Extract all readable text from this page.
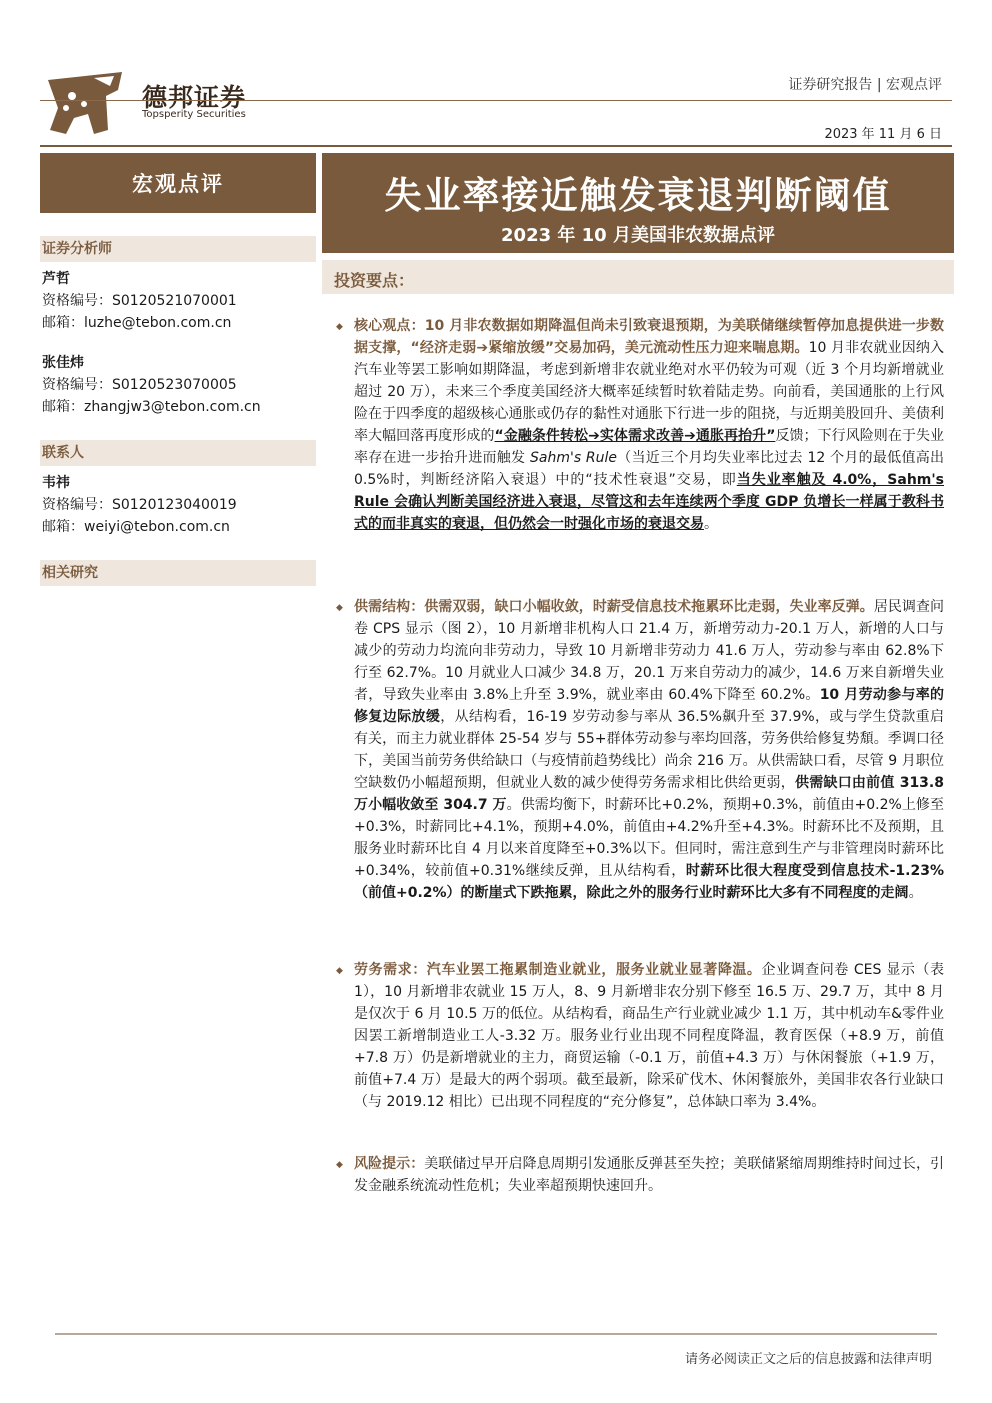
德邦证券
Topsperity Securities
证券研究报告 | 宏观点评
2023 年 11 月 6 日
宏观点评	失业率接近触发衰退判断阈值
2023 年 10 月美国非农数据点评
证券分析师
芦哲
资格编号：S0120521070001
邮箱：luzhe@tebon.com.cn
张佳炜
资格编号：S0120523070005
邮箱：zhangjw3@tebon.com.cn
联系人
韦祎
资格编号：S0120123040019
邮箱：weiyi@tebon.com.cn
相关研究
投资要点：
◆ 核心观点：10 月非农数据如期降温但尚未引致衰退预期，为美联储继续暂停加息提供进一步数据支撑，“经济走弱➔紧缩放缓”交易加码，美元流动性压力迎来喘息期。10 月非农就业因纳入汽车业等罢工影响如期降温，考虑到新增非农就业绝对水平仍较为可观（近 3 个月均新增就业超过 20 万），未来三个季度美国经济大概率延续暂时软着陆走势。向前看，美国通胀的上行风险在于四季度的超级核心通胀或仍存的黏性对通胀下行进一步的阻挠，与近期美股回升、美债利率大幅回落再度形成的“金融条件转松➔实体需求改善➔通胀再抬升”反馈；下行风险则在于失业率存在进一步抬升进而触发 Sahm's Rule（当近三个月均失业率比过去 12 个月的最低值高出 0.5%时，判断经济陷入衰退）中的“技术性衰退”交易，即当失业率触及 4.0%，Sahm's Rule 会确认判断美国经济进入衰退，尽管这和去年连续两个季度 GDP 负增长一样属于教科书式的而非真实的衰退，但仍然会一时强化市场的衰退交易。
◆ 供需结构：供需双弱，缺口小幅收敛，时薪受信息技术拖累环比走弱，失业率反弹。居民调查问卷 CPS 显示（图 2），10 月新增非机构人口 21.4 万，新增劳动力-20.1 万人，新增的人口与减少的劳动力均流向非劳动力，导致 10 月新增非劳动力 41.6 万人，劳动参与率由 62.8%下行至 62.7%。10 月就业人口减少 34.8 万，20.1 万来自劳动力的减少，14.6 万来自新增失业者，导致失业率由 3.8%上升至 3.9%，就业率由 60.4%下降至 60.2%。10 月劳动参与率的修复边际放缓，从结构看，16-19 岁劳动参与率从 36.5%飙升至 37.9%，或与学生贷款重启有关，而主力就业群体 25-54 岁与 55+群体劳动参与率均回落，劳务供给修复势頽。季调口径下，美国当前劳务供给缺口（与疫情前趋势线比）尚余 216 万。从供需缺口看，尽管 9 月职位空缺数仍小幅超预期，但就业人数的减少使得劳务需求相比供给更弱，供需缺口由前值 313.8 万小幅收敛至 304.7 万。供需均衡下，时薪环比+0.2%，预期+0.3%，前值由+0.2%上修至+0.3%，时薪同比+4.1%，预期+4.0%，前值由+4.2%升至+4.3%。时薪环比不及预期，且服务业时薪环比自 4 月以来首度降至+0.3%以下。但同时，需注意到生产与非管理岗时薪环比+0.34%，较前值+0.31%继续反弹，且从结构看，时薪环比很大程度受到信息技术-1.23%（前值+0.2%）的断崖式下跌拖累，除此之外的服务行业时薪环比大多有不同程度的走阔。
◆ 劳务需求：汽车业罢工拖累制造业就业，服务业就业显著降温。企业调查问卷 CES 显示（表 1），10 月新增非农就业 15 万人，8、9 月新增非农分别下修至 16.5 万、29.7 万，其中 8 月是仅次于 6 月 10.5 万的低位。从结构看，商品生产行业就业减少 1.1 万，其中机动车&零件业因罢工新增制造业工人-3.32 万。服务业行业出现不同程度降温，教育医保（+8.9 万，前值+7.8 万）仍是新增就业的主力，商贸运输（-0.1 万，前值+4.3 万）与休闲餐旅（+1.9 万，前值+7.4 万）是最大的两个弱项。截至最新，除采矿伐木、休闲餐旅外，美国非农各行业缺口（与 2019.12 相比）已出现不同程度的“充分修复”，总体缺口率为 3.4%。
◆ 风险提示：美联储过早开启降息周期引发通胀反弹甚至失控；美联储紧缩周期维持时间过长，引发金融系统流动性危机；失业率超预期快速回升。
请务必阅读正文之后的信息披露和法律声明
